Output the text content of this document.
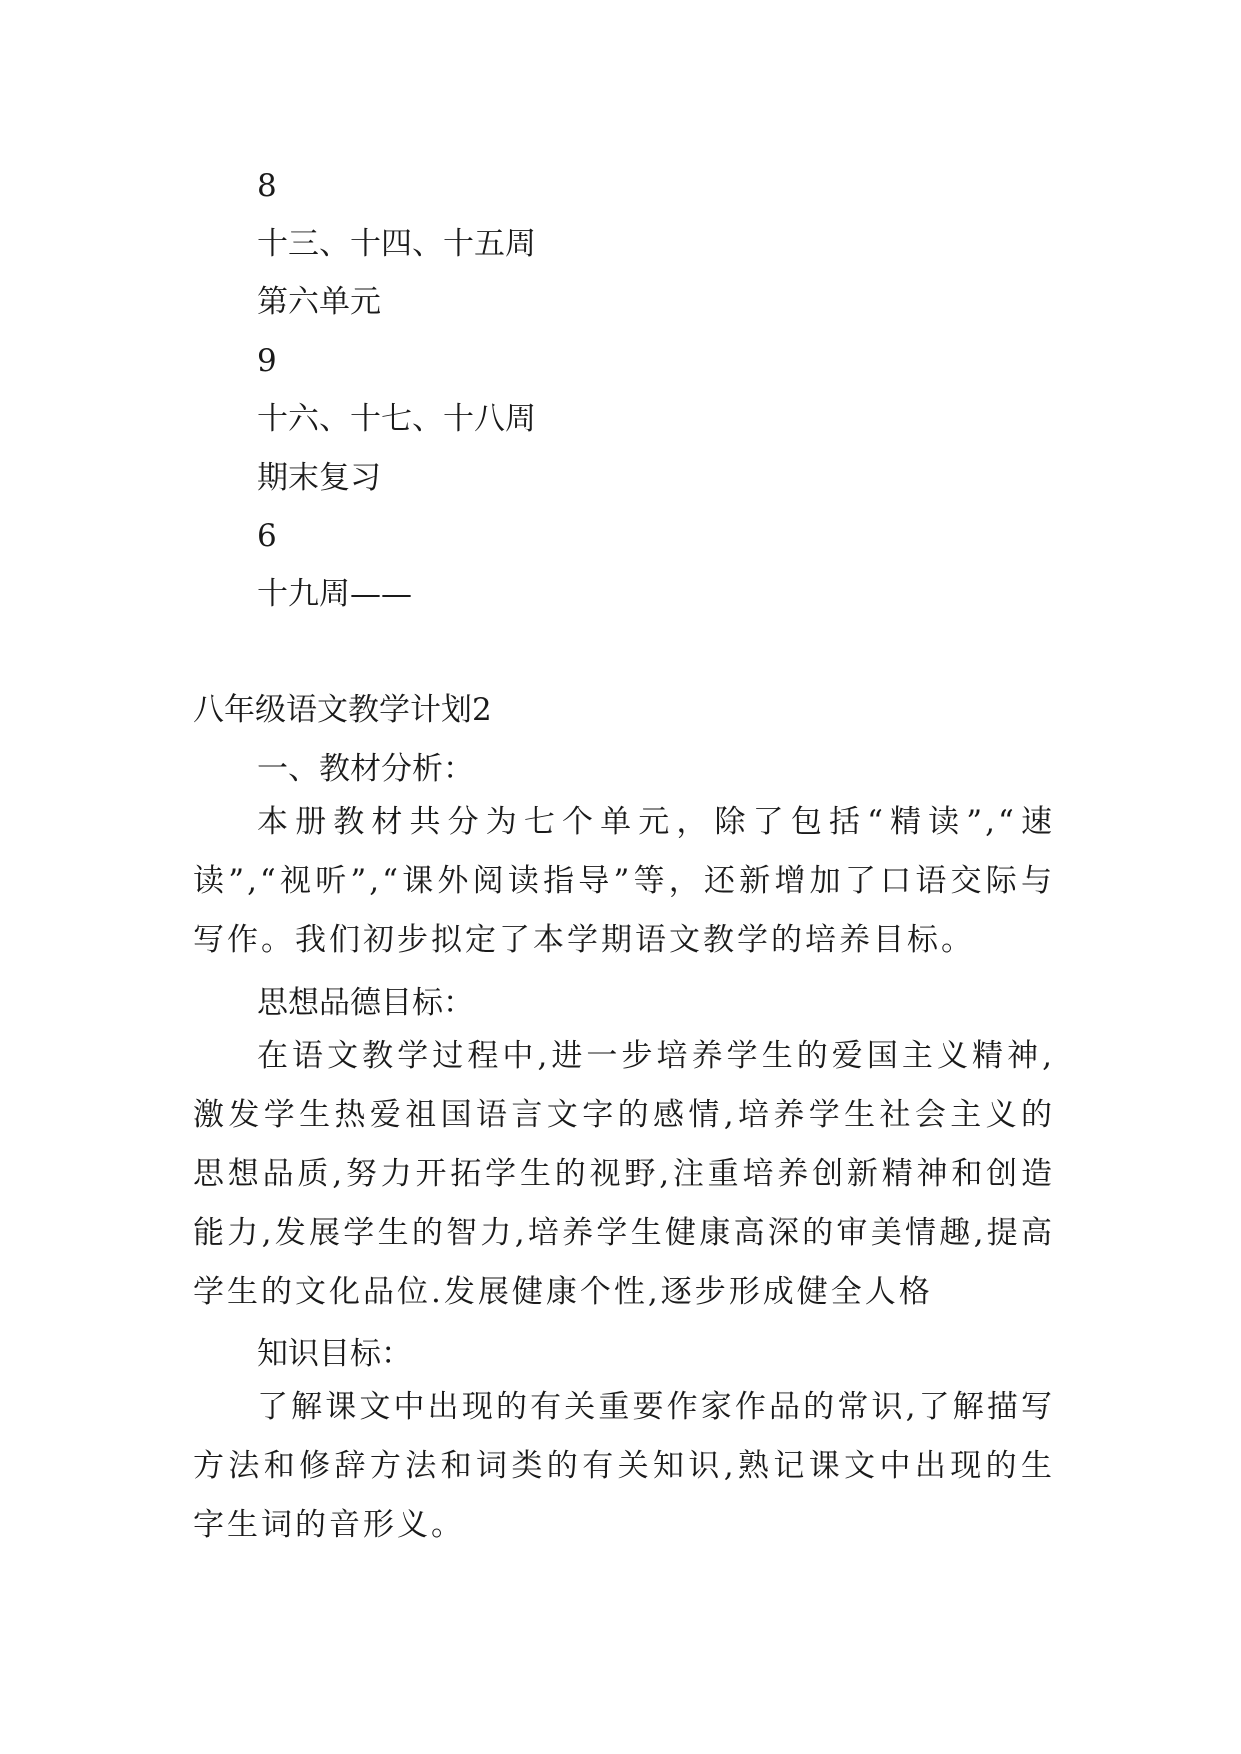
8

十三、十四、十五周

第六单元

9

十六、十七、十八周

期末复习

6

十九周——

八年级语文教学计划2

一、教材分析：

本册教材共分为七个单元，除了包括“精读”,“速读”,“视听”,“课外阅读指导”等，还新增加了口语交际与写作。我们初步拟定了本学期语文教学的培养目标。

思想品德目标：

在语文教学过程中,进一步培养学生的爱国主义精神,激发学生热爱祖国语言文字的感情,培养学生社会主义的思想品质,努力开拓学生的视野,注重培养创新精神和创造能力,发展学生的智力,培养学生健康高深的审美情趣,提高学生的文化品位.发展健康个性,逐步形成健全人格

知识目标：

了解课文中出现的有关重要作家作品的常识,了解描写方法和修辞方法和词类的有关知识,熟记课文中出现的生字生词的音形义。
